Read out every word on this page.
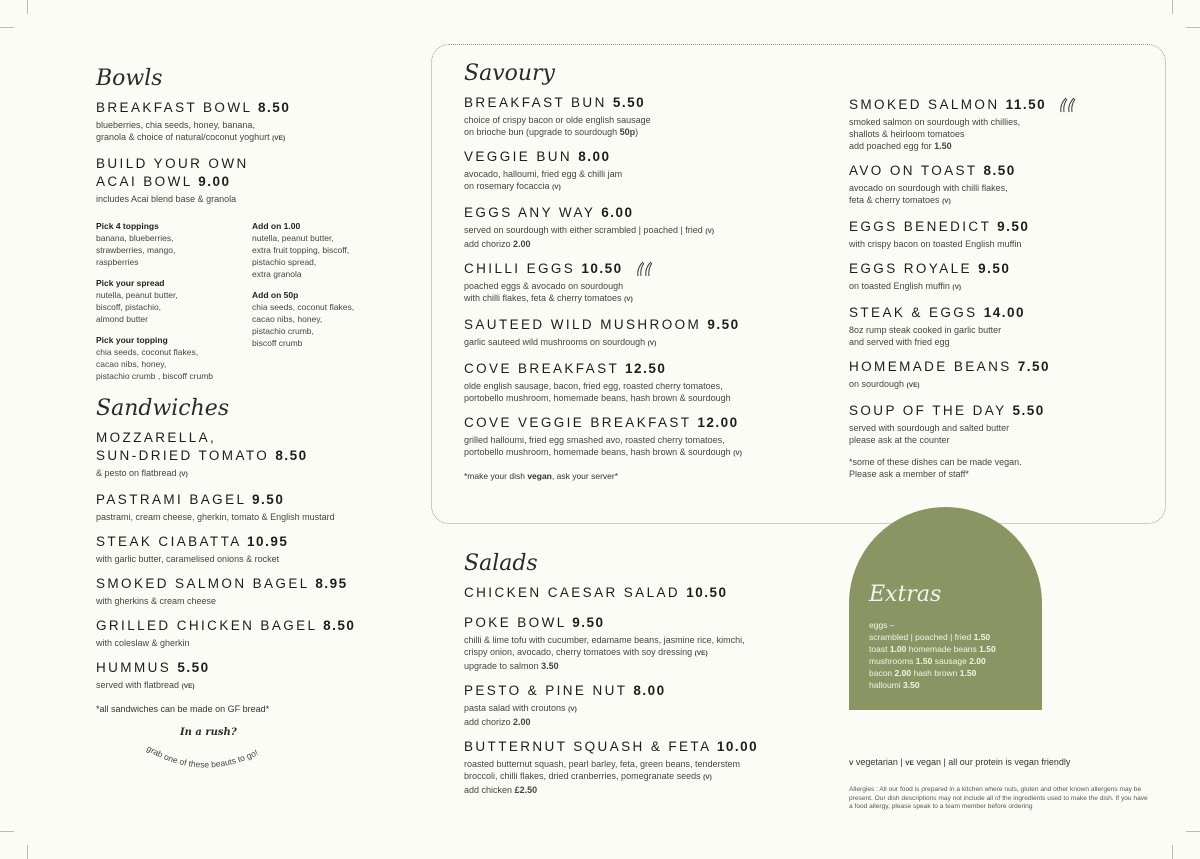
Bowls
BREAKFAST BOWL 8.50
blueberries, chia seeds, honey, banana,
granola & choice of natural/coconut yoghurt (VE)
BUILD YOUR OWN
ACAI BOWL 9.00
includes Acai blend base & granola
Pick 4 toppings
banana, blueberries,
strawberries, mango,
raspberries
Pick your spread
nutella, peanut butter,
biscoff, pistachio,
almond butter
Pick your topping
chia seeds, coconut flakes,
cacao nibs, honey,
pistachio crumb , biscoff crumb
Add on 1.00
nutella, peanut butter,
extra fruit topping, biscoff,
pistachio spread,
extra granola
Add on 50p
chia seeds, coconut flakes,
cacao nibs, honey,
pistachio crumb,
biscoff crumb
Sandwiches
MOZZARELLA,
SUN-DRIED TOMATO 8.50
& pesto on flatbread (V)
PASTRAMI BAGEL 9.50
pastrami, cream cheese, gherkin, tomato & English mustard
STEAK CIABATTA 10.95
with garlic butter, caramelised onions & rocket
SMOKED SALMON BAGEL 8.95
with gherkins & cream cheese
GRILLED CHICKEN BAGEL 8.50
with coleslaw & gherkin
HUMMUS 5.50
served with flatbread (VE)
*all sandwiches can be made on GF bread*
In a rush?
grab one of these beauts to go!
Savoury
BREAKFAST BUN 5.50
choice of crispy bacon or olde english sausage
on brioche bun (upgrade to sourdough 50p)
VEGGIE BUN 8.00
avocado, halloumi, fried egg & chilli jam
on rosemary focaccia (V)
EGGS ANY WAY 6.00
served on sourdough with either scrambled | poached | fried (V)
add chorizo 2.00
CHILLI EGGS 10.50
poached eggs & avocado on sourdough
with chilli flakes, feta & cherry tomatoes (V)
SAUTEED WILD MUSHROOM 9.50
garlic sauteed wild mushrooms on sourdough (V)
COVE BREAKFAST 12.50
olde english sausage, bacon, fried egg, roasted cherry tomatoes,
portobello mushroom, homemade beans, hash brown & sourdough
COVE VEGGIE BREAKFAST 12.00
grilled halloumi, fried egg smashed avo, roasted cherry tomatoes,
portobello mushroom, homemade beans, hash brown & sourdough (V)
*make your dish vegan, ask your server*
SMOKED SALMON 11.50
smoked salmon on sourdough with chillies,
shallots & heirloom tomatoes
add poached egg for 1.50
AVO ON TOAST 8.50
avocado on sourdough with chilli flakes,
feta & cherry tomatoes (V)
EGGS BENEDICT 9.50
with crispy bacon on toasted English muffin
EGGS ROYALE 9.50
on toasted English muffin (V)
STEAK & EGGS 14.00
8oz rump steak cooked in garlic butter
and served with fried egg
HOMEMADE BEANS 7.50
on sourdough (VE)
SOUP OF THE DAY 5.50
served with sourdough and salted butter
please ask at the counter
*some of these dishes can be made vegan.
Please ask a member of staff*
Salads
CHICKEN CAESAR SALAD 10.50
POKE BOWL 9.50
chilli & lime tofu with cucumber, edamame beans, jasmine rice, kimchi,
crispy onion, avocado, cherry tomatoes with soy dressing (VE)
upgrade to salmon 3.50
PESTO & PINE NUT 8.00
pasta salad with croutons (V)
add chorizo 2.00
BUTTERNUT SQUASH & FETA 10.00
roasted butternut squash, pearl barley, feta, green beans, tenderstem
broccoli, chilli flakes, dried cranberries, pomegranate seeds (V)
add chicken £2.50
Extras
eggs –
scrambled | poached | fried 1.50
toast 1.00 homemade beans 1.50
mushrooms 1.50 sausage 2.00
bacon 2.00 hash brown 1.50
halloumi 3.50
V vegetarian | VE vegan | all our protein is vegan friendly
Allergies : All our food is prepared in a kitchen where nuts, gluten and other known allergens may be present. Our dish descriptions may not include all of the ingredients used to make the dish. If you have a food allergy, please speak to a team member before ordering
